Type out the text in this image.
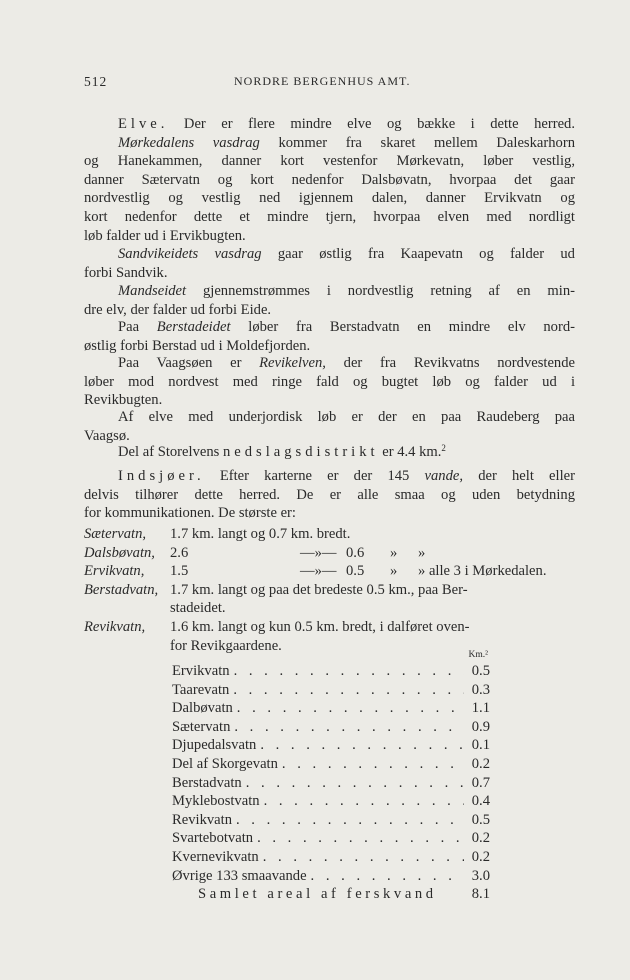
512	NORDRE BERGENHUS AMT.
Elve. Der er flere mindre elve og bække i dette herred.
Mørkedalens vasdrag kommer fra skaret mellem Daleskarhorn
og Hanekammen, danner kort vestenfor Mørkevatn, løber vestlig,
danner Sætervatn og kort nedenfor Dalsbøvatn, hvorpaa det gaar
nordvestlig og vestlig ned igjennem dalen, danner Ervikvatn og
kort nedenfor dette et mindre tjern, hvorpaa elven med nordligt
løb falder ud i Ervikbugten.
Sandvikeidets vasdrag gaar østlig fra Kaapevatn og falder ud
forbi Sandvik.
Mandseidet gjennemstrømmes i nordvestlig retning af en min-
dre elv, der falder ud forbi Eide.
Paa Berstadeidet løber fra Berstadvatn en mindre elv nord-
østlig forbi Berstad ud i Moldefjorden.
Paa Vaagsøen er Revikelven, der fra Revikvatns nordvestende
løber mod nordvest med ringe fald og bugtet løb og falder ud i
Revikbugten.
Af elve med underjordisk løb er der en paa Raudeberg paa
Vaagsø.
Del af Storelvens nedslagsdistrikt er 4.4 km.$^2$
Indsjøer. Efter karterne er der 145 vande, der helt eller
delvis tilhører dette herred. De er alle smaa og uden betydning
for kommunikationen. De største er:
Sætervatn, 1.7 km. langt og 0.7 km. bredt.
Dalsbøvatn, 2.6	—»— 0.6 » »
Ervikvatn, 1.5	—»— 0.5 » » alle 3 i Mørkedalen.
Berstadvatn, 1.7 km. langt og paa det bredeste 0.5 km., paa Ber-
stadeidet.
Revikvatn, 1.6 km. langt og kun 0.5 km. bredt, i dalføret oven-
for Revikgaardene.
Km.²
Ervikvatn . . .	0.5
Taarevatn . . .	0.3
Dalbøvatn . . .	1.1
Sætervatn . . .	0.9
Djupedalsvatn . . .	0.1
Del af Skorgevatn . . .	0.2
Berstadvatn . . .	0.7
Myklebostvatn . . .	0.4
Revikvatn . . .	0.5
Svartebotvatn . . .	0.2
Kvernevikvatn . . .	0.2
Øvrige 133 smaavande . . .	3.0
Samlet areal af ferskvand 8.1
